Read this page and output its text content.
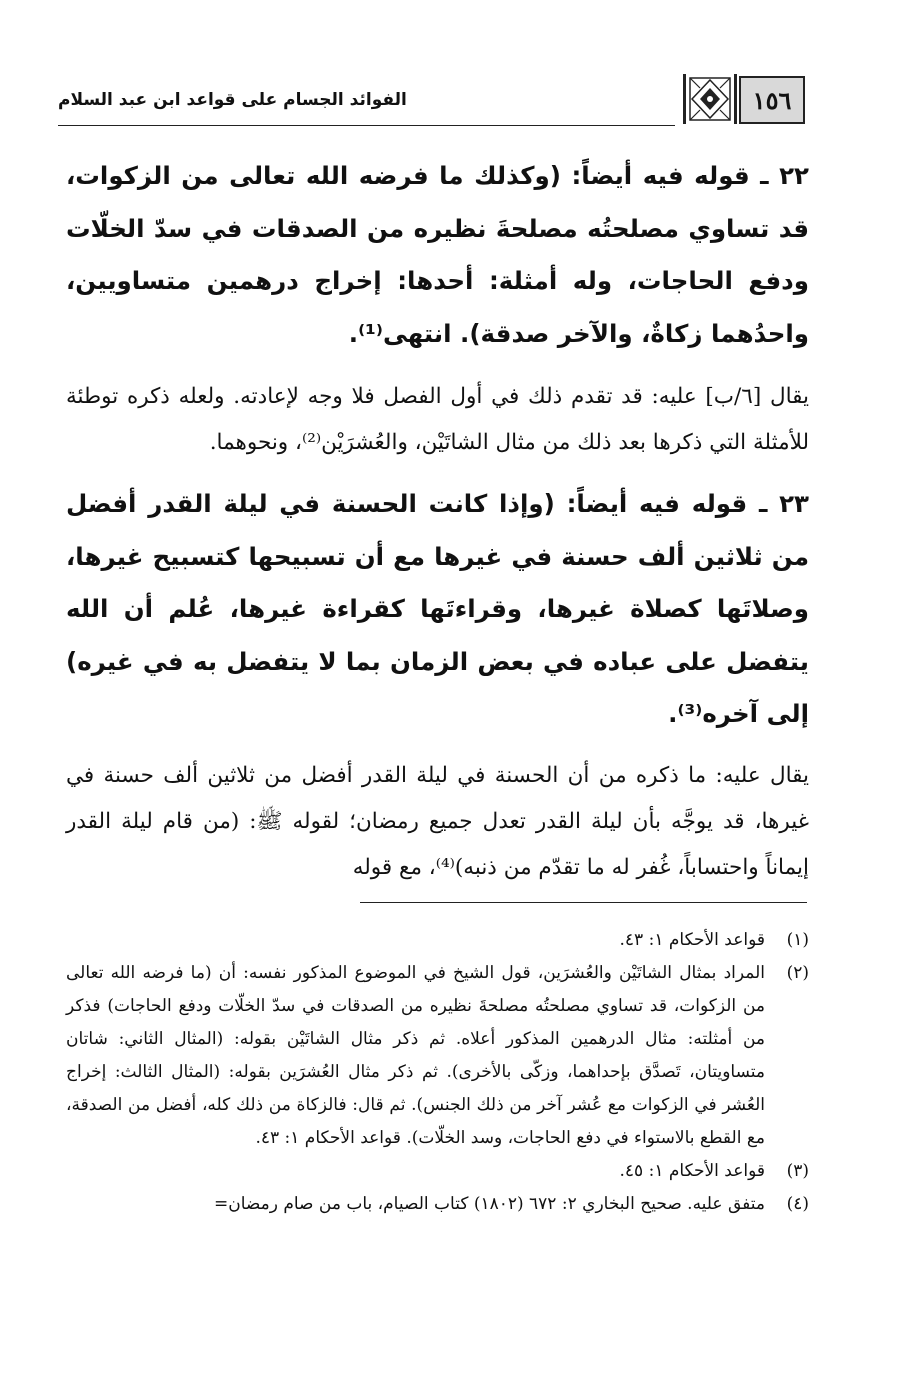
١٥٦
الفوائد الجسام على قواعد ابن عبد السلام

٢٢ ـ قوله فيه أيضاً: (وكذلك ما فرضه الله تعالى من الزكوات، قد تساوي مصلحتُه مصلحةَ نظيره من الصدقات في سدّ الخلّات ودفع الحاجات، وله أمثلة: أحدها: إخراج درهمين متساويين، واحدُهما زكاةٌ، والآخر صدقة). انتهى⁽¹⁾.

يقال [٦/ب] عليه: قد تقدم ذلك في أول الفصل فلا وجه لإعادته. ولعله ذكره توطئة للأمثلة التي ذكرها بعد ذلك من مثال الشاتَيْن، والعُشرَيْن⁽²⁾، ونحوهما.

٢٣ ـ قوله فيه أيضاً: (وإذا كانت الحسنة في ليلة القدر أفضل من ثلاثين ألف حسنة في غيرها مع أن تسبيحها كتسبيح غيرها، وصلاتَها كصلاة غيرها، وقراءتَها كقراءة غيرها، عُلم أن الله يتفضل على عباده في بعض الزمان بما لا يتفضل به في غيره) إلى آخره⁽³⁾.

يقال عليه: ما ذكره من أن الحسنة في ليلة القدر أفضل من ثلاثين ألف حسنة في غيرها، قد يوجَّه بأن ليلة القدر تعدل جميع رمضان؛ لقوله ﷺ: (من قام ليلة القدر إيماناً واحتساباً، غُفر له ما تقدّم من ذنبه)⁽⁴⁾، مع قوله

(١)
قواعد الأحكام ١: ٤٣.
(٢)
المراد بمثال الشاتَيْن والعُشرَين، قول الشيخ في الموضوع المذكور نفسه: أن (ما فرضه الله تعالى من الزكوات، قد تساوي مصلحتُه مصلحةَ نظيره من الصدقات في سدّ الخلّات ودفع الحاجات) فذكر من أمثلته: مثال الدرهمين المذكور أعلاه. ثم ذكر مثال الشاتَيْن بقوله: (المثال الثاني: شاتان متساويتان، تَصدَّق بإحداهما، وزكّى بالأخرى). ثم ذكر مثال العُشرَين بقوله: (المثال الثالث: إخراج العُشر في الزكوات مع عُشر آخر من ذلك الجنس). ثم قال: فالزكاة من ذلك كله، أفضل من الصدقة، مع القطع بالاستواء في دفع الحاجات، وسد الخلّات). قواعد الأحكام ١: ٤٣.
(٣)
قواعد الأحكام ١: ٤٥.
(٤)
متفق عليه. صحيح البخاري ٢: ٦٧٢ (١٨٠٢) كتاب الصيام، باب من صام رمضان=
